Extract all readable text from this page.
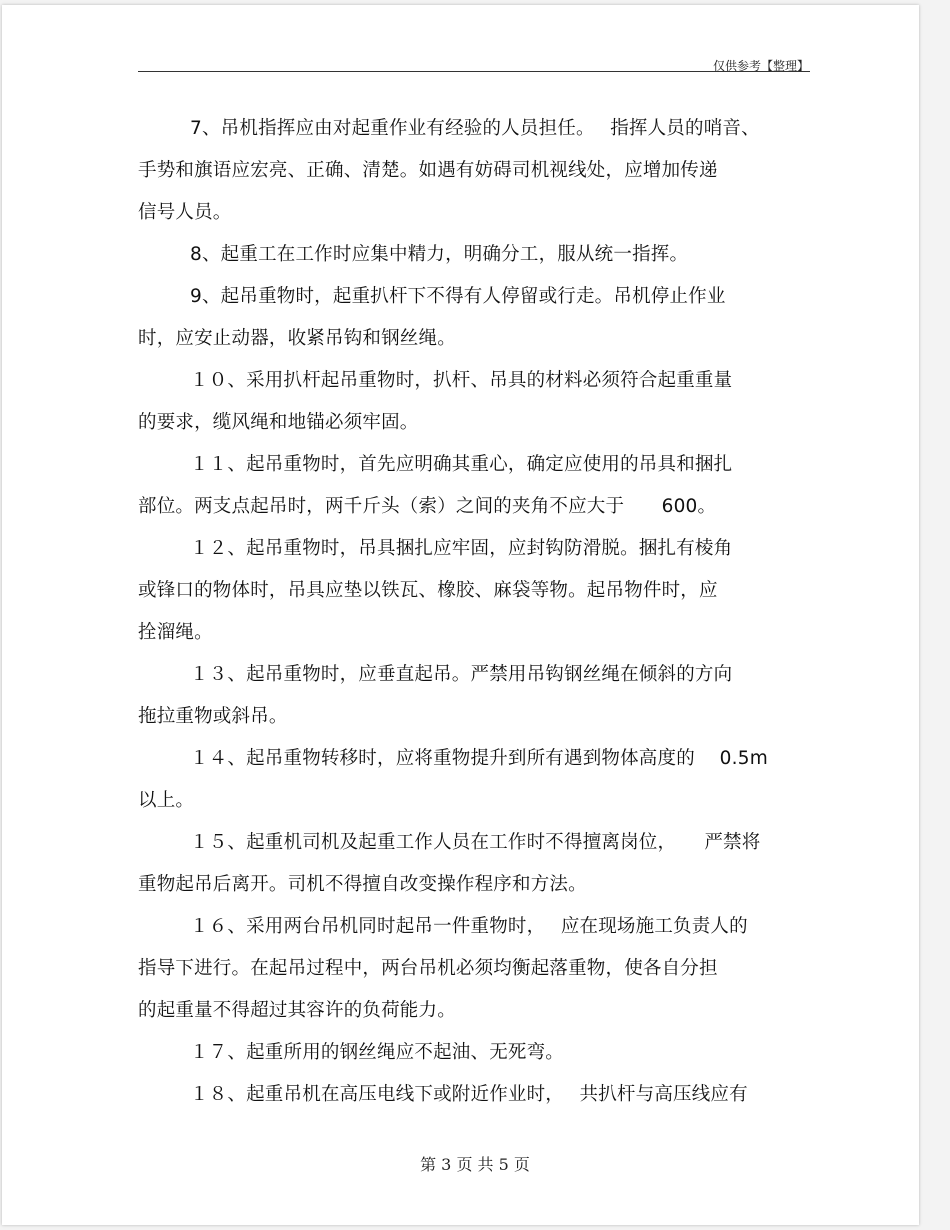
仅供参考【整理】
7、吊机指挥应由对起重作业有经验的人员担任。　 指挥人员的哨音、
手势和旗语应宏亮、正确、清楚。如遇有妨碍司机视线处，应增加传递
信号人员。
8、起重工在工作时应集中精力，明确分工，服从统一指挥。
9、起吊重物时，起重扒杆下不得有人停留或行走。吊机停止作业
时，应安止动器，收紧吊钩和钢丝绳。
１０、采用扒杆起吊重物时，扒杆、吊具的材料必须符合起重重量
的要求，缆风绳和地锚必须牢固。
１１、起吊重物时，首先应明确其重心，确定应使用的吊具和捆扎
部位。两支点起吊时，两千斤头（索）之间的夹角不应大于　　600。
１２、起吊重物时，吊具捆扎应牢固，应封钩防滑脱。捆扎有棱角
或锋口的物体时，吊具应垫以铁瓦、橡胶、麻袋等物。起吊物件时，应
拴溜绳。
１３、起吊重物时，应垂直起吊。严禁用吊钩钢丝绳在倾斜的方向
拖拉重物或斜吊。
１４、起吊重物转移时，应将重物提升到所有遇到物体高度的　 0.5m
以上。
１５、起重机司机及起重工作人员在工作时不得擅离岗位，　　严禁将
重物起吊后离开。司机不得擅自改变操作程序和方法。
１６、采用两台吊机同时起吊一件重物时，　 应在现场施工负责人的
指导下进行。在起吊过程中，两台吊机必须均衡起落重物，使各自分担
的起重量不得超过其容许的负荷能力。
１７、起重所用的钢丝绳应不起油、无死弯。
１８、起重吊机在高压电线下或附近作业时，　 共扒杆与高压线应有
第 3 页 共 5 页
